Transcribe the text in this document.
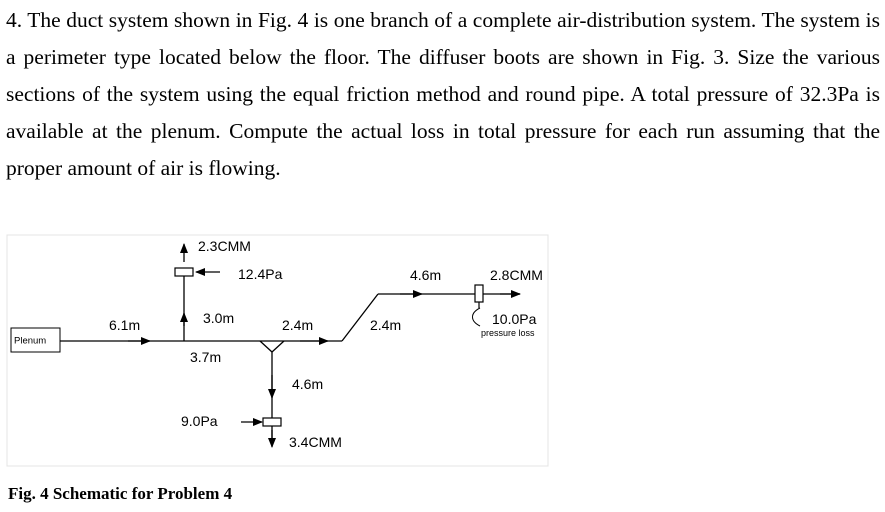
4. The duct system shown in Fig. 4 is one branch of a complete air-distribution system. The system is a perimeter type located below the floor. The diffuser boots are shown in Fig. 3. Size the various sections of the system using the equal friction method and round pipe. A total pressure of 32.3Pa is available at the plenum. Compute the actual loss in total pressure for each run assuming that the proper amount of air is flowing.

Plenum
6.1m
2.3CMM
12.4Pa
3.0m
3.7m
9.0Pa
2.4m
4.6m
3.4CMM
2.4m
4.6m	2.8CMM
10.0Pa
pressure loss
Fig. 4 Schematic for Problem 4
